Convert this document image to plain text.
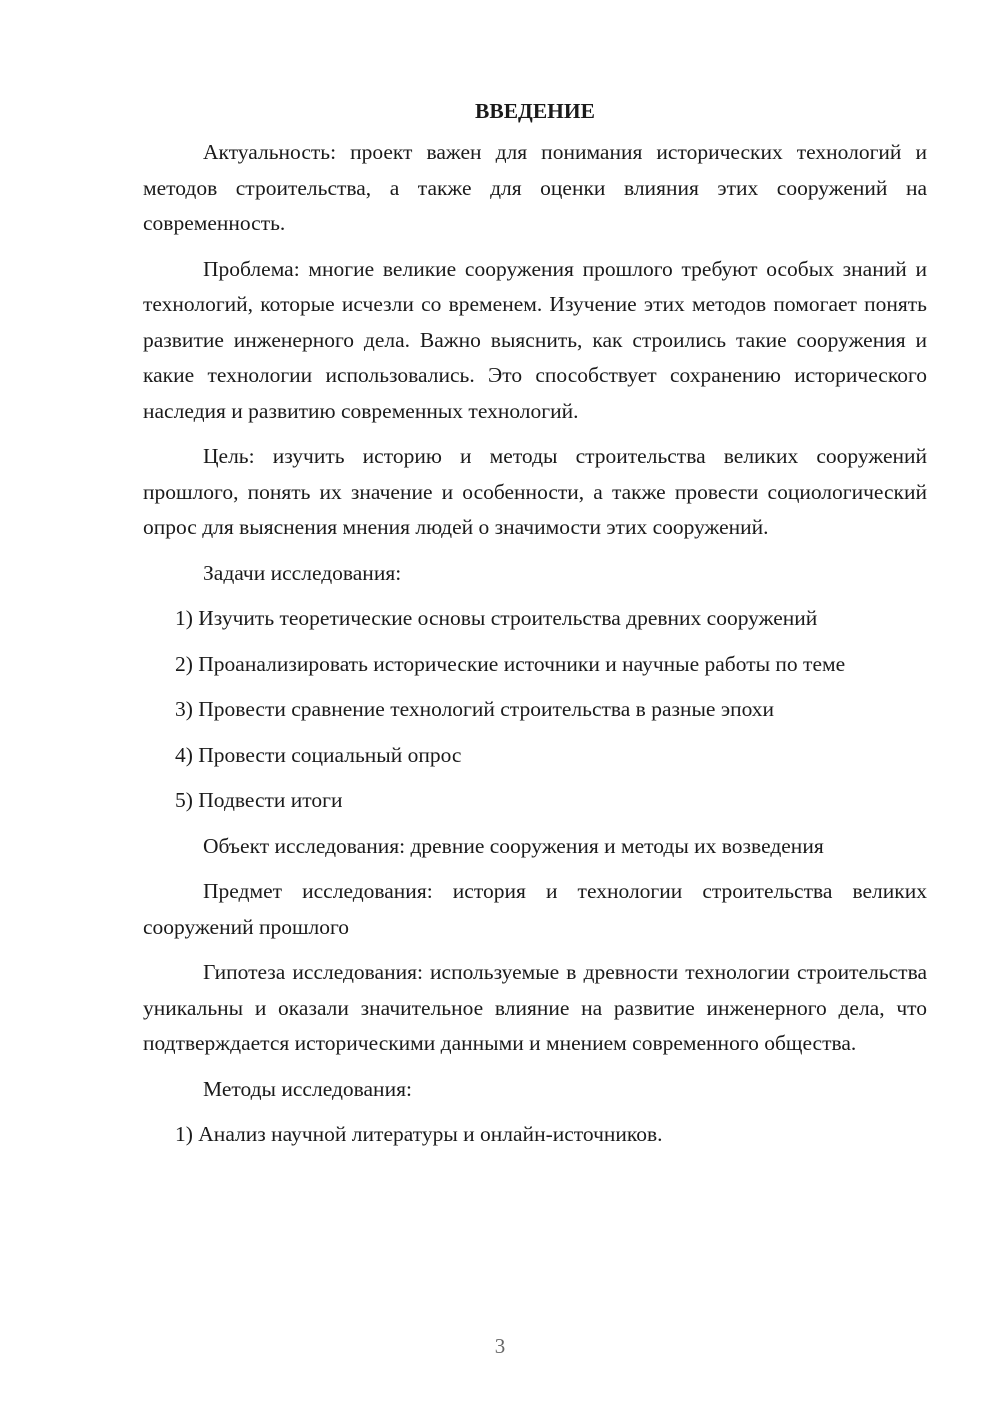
ВВЕДЕНИЕ

Актуальность: проект важен для понимания исторических технологий и методов строительства, а также для оценки влияния этих сооружений на современность.

Проблема: многие великие сооружения прошлого требуют особых знаний и технологий, которые исчезли со временем. Изучение этих методов помогает понять развитие инженерного дела. Важно выяснить, как строились такие сооружения и какие технологии использовались. Это способствует сохранению исторического наследия и развитию современных технологий.

Цель: изучить историю и методы строительства великих сооружений прошлого, понять их значение и особенности, а также провести социологический опрос для выяснения мнения людей о значимости этих сооружений.

Задачи исследования:

1) Изучить теоретические основы строительства древних сооружений

2) Проанализировать исторические источники и научные работы по теме

3) Провести сравнение технологий строительства в разные эпохи

4) Провести социальный опрос

5) Подвести итоги

Объект исследования: древние сооружения и методы их возведения

Предмет исследования: история и технологии строительства великих сооружений прошлого

Гипотеза исследования: используемые в древности технологии строительства уникальны и оказали значительное влияние на развитие инженерного дела, что подтверждается историческими данными и мнением современного общества.

Методы исследования:

1) Анализ научной литературы и онлайн-источников.

3
